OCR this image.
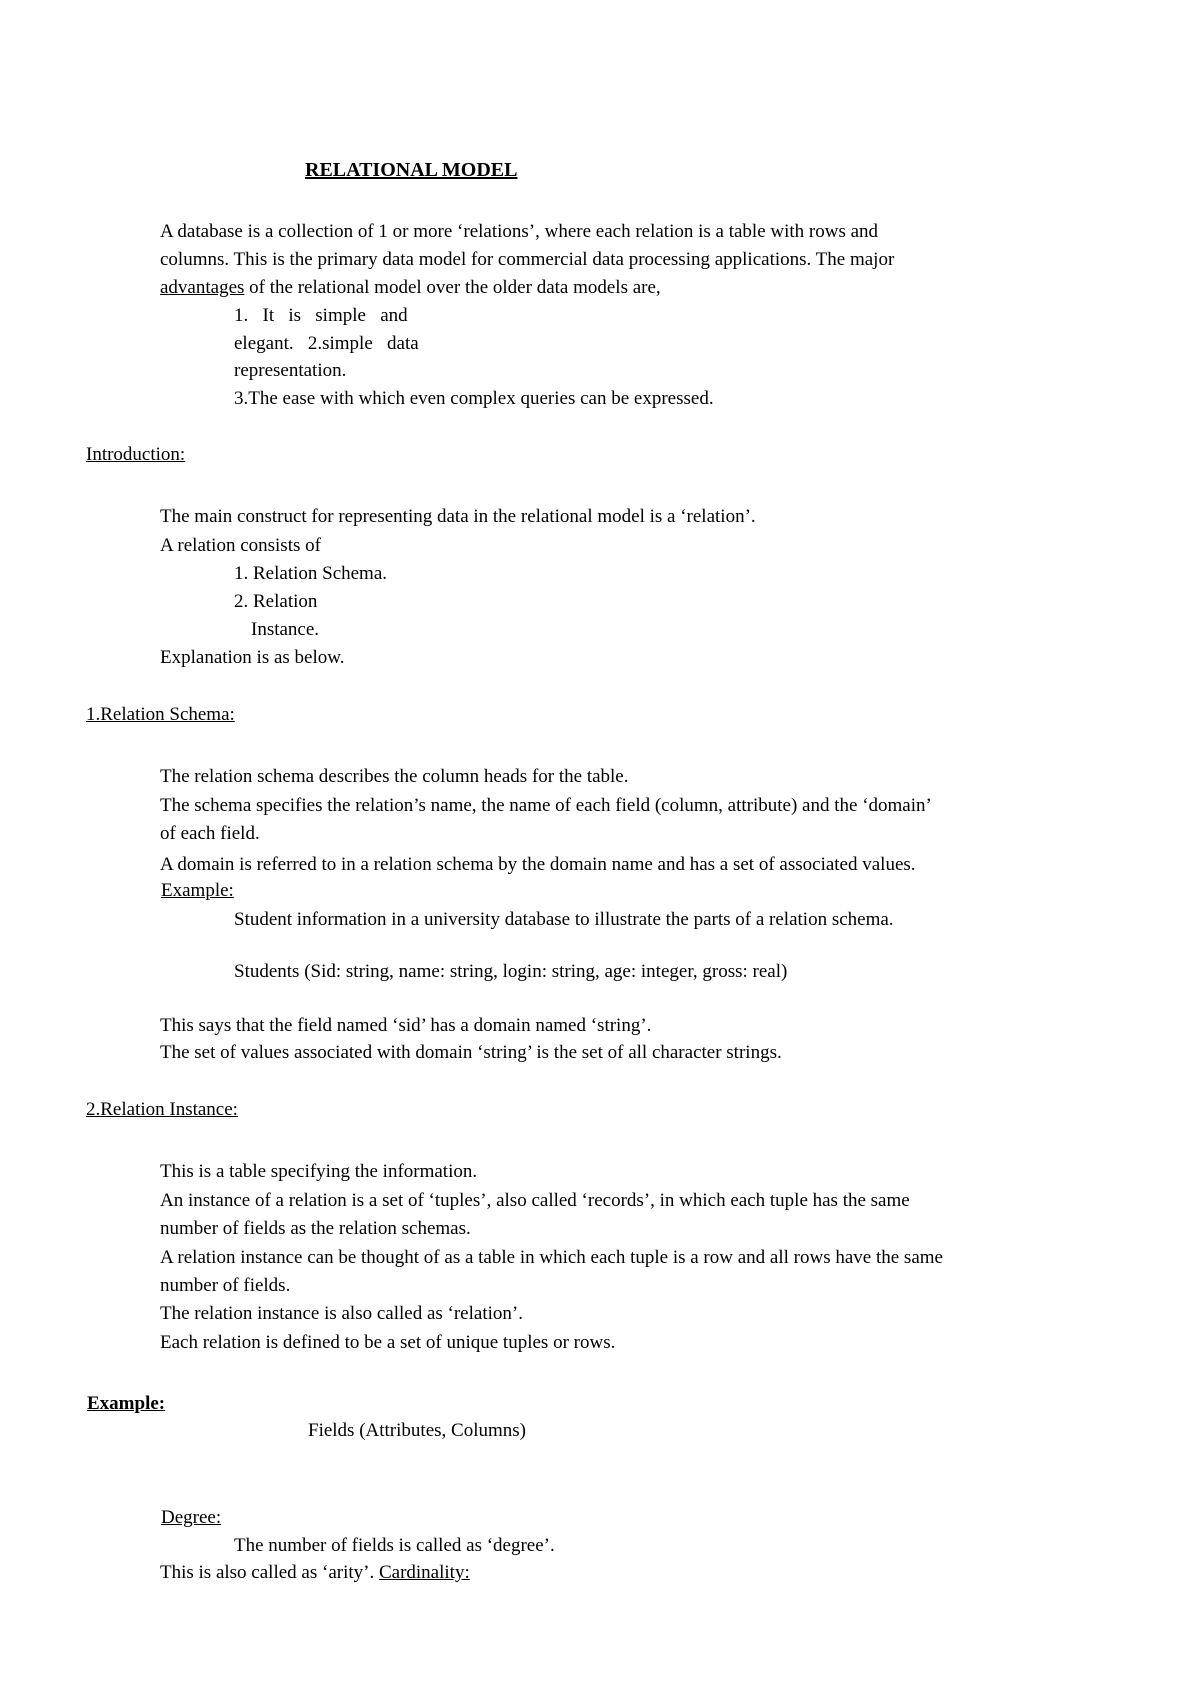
RELATIONAL MODEL
A database is a collection of 1 or more ‘relations’, where each relation is a table with rows and
columns. This is the primary data model for commercial data processing applications. The major
advantages of the relational model over the older data models are,
1.   It   is   simple   and
elegant.   2.simple   data
representation.
3.The ease with which even complex queries can be expressed.
Introduction:
The main construct for representing data in the relational model is a ‘relation’.
A relation consists of
1. Relation Schema.
2. Relation
Instance.
Explanation is as below.
1.Relation Schema:
The relation schema describes the column heads for the table.
The schema specifies the relation’s name, the name of each field (column, attribute) and the ‘domain’
of each field.
A domain is referred to in a relation schema by the domain name and has a set of associated values.
Example:
Student information in a university database to illustrate the parts of a relation schema.
Students (Sid: string, name: string, login: string, age: integer, gross: real)
This says that the field named ‘sid’ has a domain named ‘string’.
The set of values associated with domain ‘string’ is the set of all character strings.
2.Relation Instance:
This is a table specifying the information.
An instance of a relation is a set of ‘tuples’, also called ‘records’, in which each tuple has the same
number of fields as the relation schemas.
A relation instance can be thought of as a table in which each tuple is a row and all rows have the same
number of fields.
The relation instance is also called as ‘relation’.
Each relation is defined to be a set of unique tuples or rows.
Example:
Fields (Attributes, Columns)
Degree:
The number of fields is called as ‘degree’.
This is also called as ‘arity’. Cardinality:
